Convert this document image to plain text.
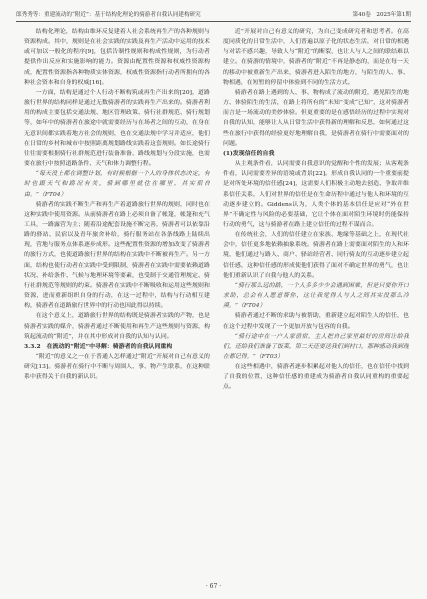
郎秀秀等：重建流动的“附近”：基于结构化理论的骑游者自我认同建构研究	第40卷　2025年第1期

结构化理论，结构由维环反复建着人社会系统再生产的各种规则与资源构成。其中，规则是在社会实践的实践及再生产活动中运用的技术或可加以一般化的程序[9]，包括告制性规则和构成性规则，为行动者提供作出反应和实施影响的能力。资源由配置性资源和权威性资源构成，配置性资源指各种物质实体资源，权威性资源指行动者所拥有的各种社会资本和自身的权威[16]。

一方面，结构是通过个人行动不断构筑或再生产出来的[20]，道路旅行世界的结构同样是通过无数骑游者的实践再生产出来的。骑游者利用的构成主要包括交通法规、地区管理政策、骑行社群规范、骑行规划等，如年中的骑游者在旅途中就需要经历与在场者之间的互动，在身在无意识间都实践着地方社会的规则，也在交通法规中学习并适应，他们在日常的乡村和城市中按照距离规划路线实践着这套规则。如长途骑行往往需要根据骑行社群规范进行装备准备、路线规划与分段实施，也需要在旅行中按照道路条件、天气和体力调整行程。

“每天没上都在调整计划，有时候根据一个人的身体状态决定，有时也跟天气和路况有关，骑到哪里就住在哪里，其实很自由。”（FT04）

骑游者的实践不断生产和再生产着道路旅行世界的规则，同时也在这种实践中使用资源。从前骑游者在路上必须自备了帐篷，帐篷和充气工具，一路露营为主；随着沿途配套设施不断完善，骑游者可以依靠沿路的驿站、民宿以及青年旅舍补给，骑行服务站在各条线路上陆续出现，营地与服务点体系逐步成形。这些配置性资源的增加改变了骑游者的旅行方式，也使道路旅行世界的结构在实践中不断被再生产。另一方面，结构也使行动者在实践中受到限制，骑游者在实践中需要依赖道路状况、补给条件、气候与地理环境等要素，也受制于交通管理规定、骑行社群规范等规则的约束。骑游者在实践中不断吸收和运用这些规则和资源，进而重新组织自身的行动，在这一过程中，结构与行动相互建构，骑游者在道路旅行世界中的行动也因此得以持续。

在这个意义上，道路旅行世界的结构既是骑游者实践的产物，也是骑游者实践的媒介，骑游者通过不断使用和再生产这些规则与资源，构筑起流动的“附近”，并在其中形成对自我的认知与认同。

3.3.2　在流动的“附近”中寻解：骑游者的自我认同重构

“附近”的意义之一在于普通人怎样通过“附近”开展对自己有意义的研究[13]。骑游者在骑行中不断与周围人、事、物产生联系，在这种联系中获得关于自我的新认识。

近”开展对自己有意义的研究，为自己变成研究者和思考者。在高度同质化的日常生活中，人们普遍以原子化的状态生活，对日常的相遇与对话不感兴趣，导致人与“附近”的断裂，也让人与人之间的联结难以建立。在骑游的情境中，骑游者的“附近”不再是静态的，而是在每一天的移动中被重新生产出来，骑游者进入陌生的地方，与陌生的人、事、物相遇，在短暂的停留中体验到不同的生活方式。

骑游者在路上遇到的人、事、物构成了流动的附近，遇见陌生的地方、体验陌生的生活，在路上将所有的“未知”变成“已知”，这对骑游者而言是一场流动的美妙体验。但更重要的是在感悟经历的过程中实现对自我的认知，能够让人从日常生活中获得新的理解和反思，如何通过这些在旅行中获得的经验更好地理解自我，是骑游者在骑行中需要面对的问题。

(1)发现信任的自我

从主观条件看，认同需要自我意识的觉醒和个性的发展；从客观条件看，认同需要差异的语境或背景[22]。形成自我认同的一个重要前提是对所处环境的信任感[24]，这需要人们积极主动地去创造、争取并维系信任关系，人们对世界的信任是在生命历程中通过与他人和环境的互动逐步建立的。Giddens认为，人类个体的基本信任是应对“外在世界”不确定性与风险的必要基础，它让个体在面对陌生环境时仍能保持行动的勇气，这与骑游者在路上建立信任的过程不谋而合。

在传统社会，人们的信任建立在家族、地缘等基础之上，在现代社会中，信任更多地依赖抽象系统。骑游者在路上需要面对陌生的人和环境，他们通过与路人、商户、驿站经营者、同行骑友的互动逐步建立起信任感，这种信任感的形成使他们获得了面对不确定世界的勇气，也让他们重新认识了自我与他人的关系。

“骑行那么远的路，一个人多多少少会遇到困难，但是只要你开口求助，总会有人愿意帮你，这让我觉得人与人之间其实没那么冷漠。”（FT04）

骑游者通过不断的求助与被帮助，重新建立起对陌生人的信任，也在这个过程中发现了一个更加开放与包容的自我。

“骑行途中在一户人家借宿，主人把自己家里最好的房间让给我们，还给我们准备了饭菜，第二天还要送我们到村口，那种感动我到现在都记得。”（FT03）

在这些相遇中，骑游者逐步积累起对他人的信任，也在信任中找到了自我的位置，这种信任感的重建成为骑游者自我认同重构的重要起点。

· 67 ·
